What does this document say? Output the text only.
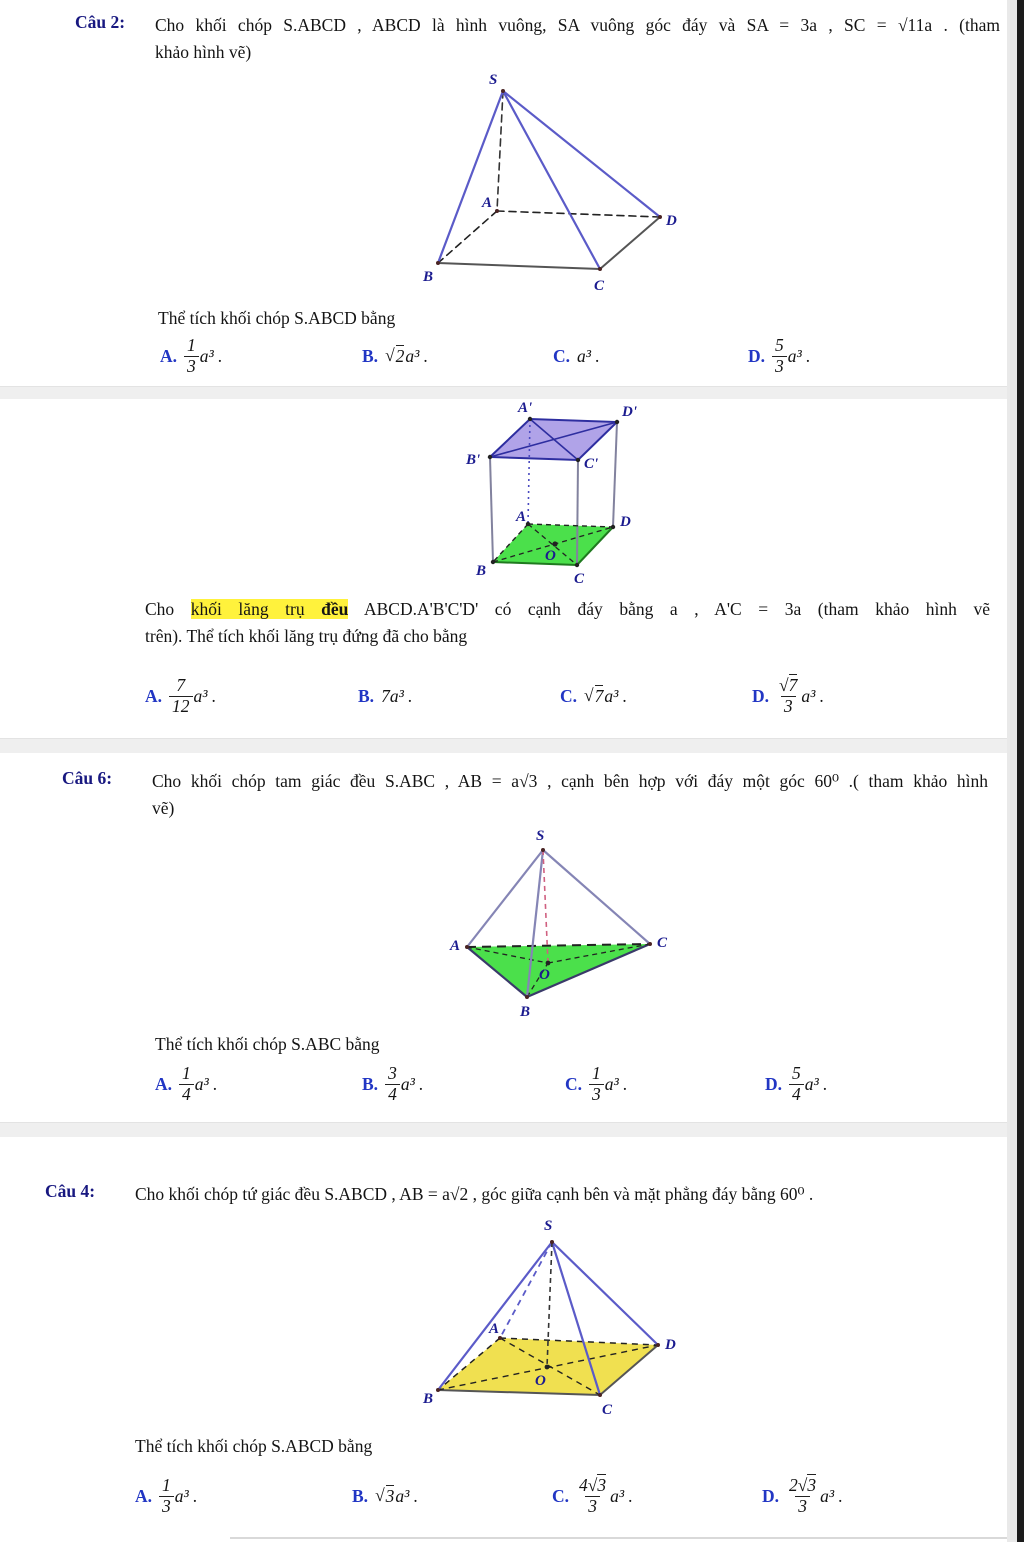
Câu 2: Cho khối chóp S.ABCD , ABCD là hình vuông, SA vuông góc đáy và SA = 3a , SC = √11a . (tham
khảo hình vẽ)
S
A
B
C
D
Thể tích khối chóp S.ABCD bằng
A. $\frac{1}{3} a^3$ .	B. √ 2 a³ .	C. a³ .	D. $\frac{5}{3} a^3$ .
A'	D'
B'	C'
A	D
B	C
O
Cho khối lăng trụ đều ABCD.A'B'C'D' có cạnh đáy bằng a , A'C = 3a (tham khảo hình vẽ
trên). Thể tích khối lăng trụ đứng đã cho bằng
A. $\frac{7}{12} a^3$ .	B. 7a³ .	C. √ 7 a³ .	D. $\frac{√7}{3} a^3$ .
Câu 6: Cho khối chóp tam giác đều S.ABC , AB = a√3 , cạnh bên hợp với đáy một góc 60⁰ .( tham khảo hình
vẽ)
S
A	C
B
O
Thể tích khối chóp S.ABC bằng
A. $\frac{1}{4} a^3$ .	B. $\frac{3}{4} a^3$ .	C. $\frac{1}{3} a^3$ .	D. $\frac{5}{4} a^3$ .
Câu 4: Cho khối chóp tứ giác đều S.ABCD , AB = a√2 , góc giữa cạnh bên và mặt phẳng đáy bằng 60⁰ .
S
A
D
B
C
O
Thể tích khối chóp S.ABCD bằng
A. $\frac{1}{3} a^3$ .	B. √ 3 a³ .	C. $\frac{4√3}{3} a^3$ .	D. $\frac{2√3}{3} a^3$ .
